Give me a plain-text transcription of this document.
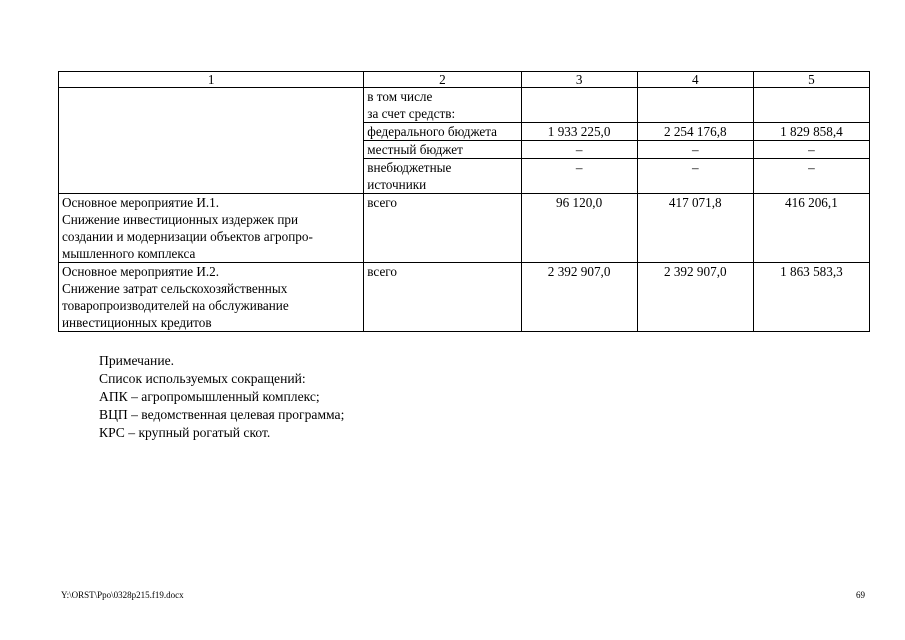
1	2	3	4	5

	в том числе
за счет средств:			

	федерального бюджета	1 933 225,0	2 254 176,8	1 829 858,4
	местный бюджет	–	–	–

	внебюджетные
источники	–	–	–

Основное мероприятие И.1.
Снижение инвестиционных издержек при
создании и модернизации объектов агропро-
мышленного комплекса	всего	96 120,0	417 071,8	416 206,1

Основное мероприятие И.2.
Снижение затрат сельскохозяйственных
товаропроизводителей на обслуживание
инвестиционных кредитов	всего	2 392 907,0	2 392 907,0	1 863 583,3
Примечание.
Список используемых сокращений:
АПК – агропромышленный комплекс;
ВЦП – ведомственная целевая программа;
КРС – крупный рогатый скот.
Y:\ORST\Ppo\0328p215.f19.docx	69
